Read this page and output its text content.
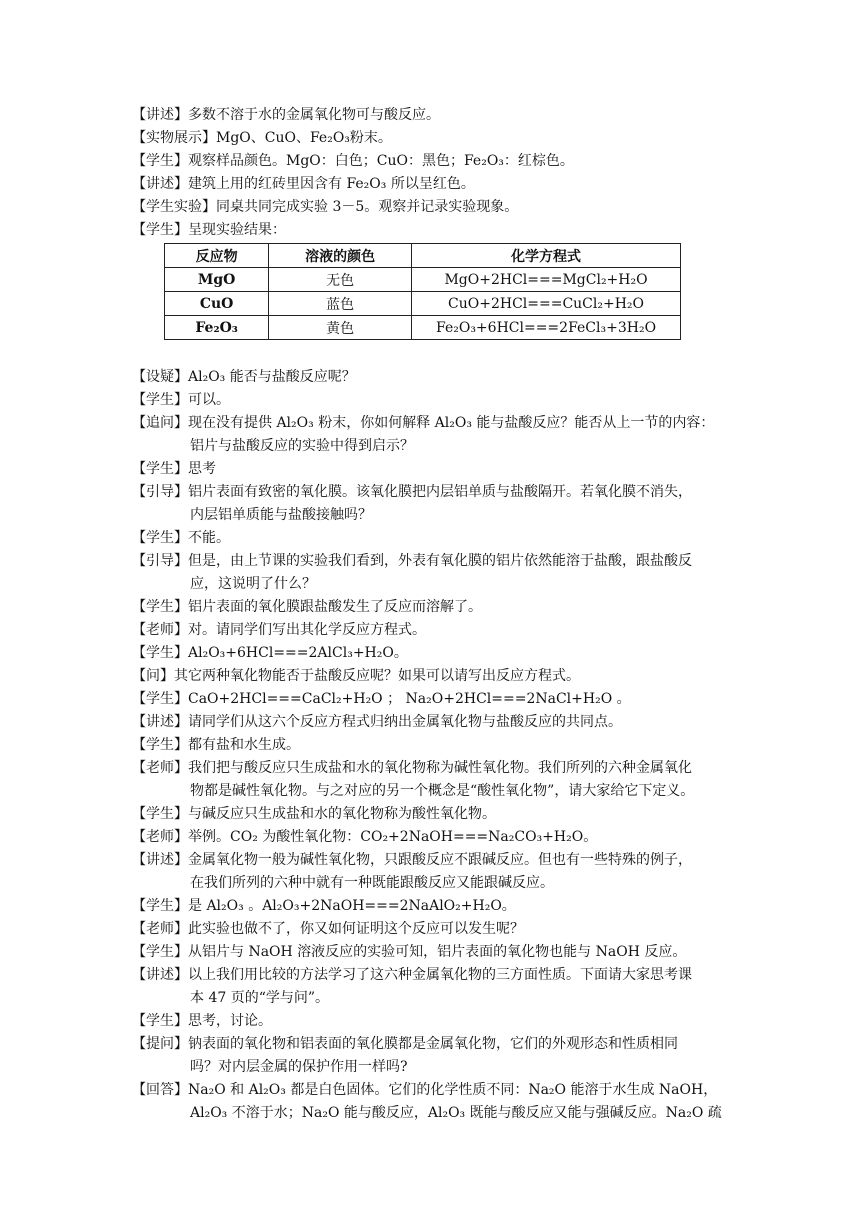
【讲述】 多数不溶于水的金属氧化物可与酸反应。
【实物展示】 MgO、CuO、Fe₂O₃粉末。
【学生】 观察样品颜色。MgO：白色；CuO：黑色；Fe₂O₃：红棕色。
【讲述】 建筑上用的红砖里因含有 Fe₂O₃ 所以呈红色。
【学生实验】 同桌共同完成实验 3－5。观察并记录实验现象。
【学生】 呈现实验结果：
反应物	溶液的颜色	化学方程式
MgO	无色	MgO+2HCl===MgCl₂+H₂O
CuO	蓝色	CuO+2HCl===CuCl₂+H₂O
Fe₂O₃	黄色	Fe₂O₃+6HCl===2FeCl₃+3H₂O
【设疑】 Al₂O₃ 能否与盐酸反应呢？
【学生】 可以。
【追问】 现在没有提供 Al₂O₃ 粉末，你如何解释 Al₂O₃ 能与盐酸反应？能否从上一节的内容：
铝片与盐酸反应的实验中得到启示？
【学生】 思考
【引导】 铝片表面有致密的氧化膜。该氧化膜把内层铝单质与盐酸隔开。若氧化膜不消失，
内层铝单质能与盐酸接触吗？
【学生】 不能。
【引导】 但是，由上节课的实验我们看到，外表有氧化膜的铝片依然能溶于盐酸，跟盐酸反
应，这说明了什么？
【学生】 铝片表面的氧化膜跟盐酸发生了反应而溶解了。
【老师】 对。请同学们写出其化学反应方程式。
【学生】 Al₂O₃+6HCl===2AlCl₃+H₂O。
【问】 其它两种氧化物能否于盐酸反应呢？如果可以请写出反应方程式。
【学生】 CaO+2HCl===CaCl₂+H₂O ； Na₂O+2HCl===2NaCl+H₂O 。
【讲述】 请同学们从这六个反应方程式归纳出金属氧化物与盐酸反应的共同点。
【学生】 都有盐和水生成。
【老师】 我们把与酸反应只生成盐和水的氧化物称为碱性氧化物。我们所列的六种金属氧化
物都是碱性氧化物。与之对应的另一个概念是“酸性氧化物”，请大家给它下定义。
【学生】 与碱反应只生成盐和水的氧化物称为酸性氧化物。
【老师】 举例。CO₂ 为酸性氧化物：CO₂+2NaOH===Na₂CO₃+H₂O。
【讲述】 金属氧化物一般为碱性氧化物，只跟酸反应不跟碱反应。但也有一些特殊的例子，
在我们所列的六种中就有一种既能跟酸反应又能跟碱反应。
【学生】 是 Al₂O₃ 。Al₂O₃+2NaOH===2NaAlO₂+H₂O。
【老师】 此实验也做不了，你又如何证明这个反应可以发生呢？
【学生】 从铝片与 NaOH 溶液反应的实验可知，铝片表面的氧化物也能与 NaOH 反应。
【讲述】 以上我们用比较的方法学习了这六种金属氧化物的三方面性质。下面请大家思考课
本 47 页的“学与问”。
【学生】 思考，讨论。
【提问】 钠表面的氧化物和铝表面的氧化膜都是金属氧化物，它们的外观形态和性质相同
吗？对内层金属的保护作用一样吗?
【回答】 Na₂O 和 Al₂O₃ 都是白色固体。它们的化学性质不同：Na₂O 能溶于水生成 NaOH，
Al₂O₃ 不溶于水；Na₂O 能与酸反应，Al₂O₃ 既能与酸反应又能与强碱反应。Na₂O 疏
